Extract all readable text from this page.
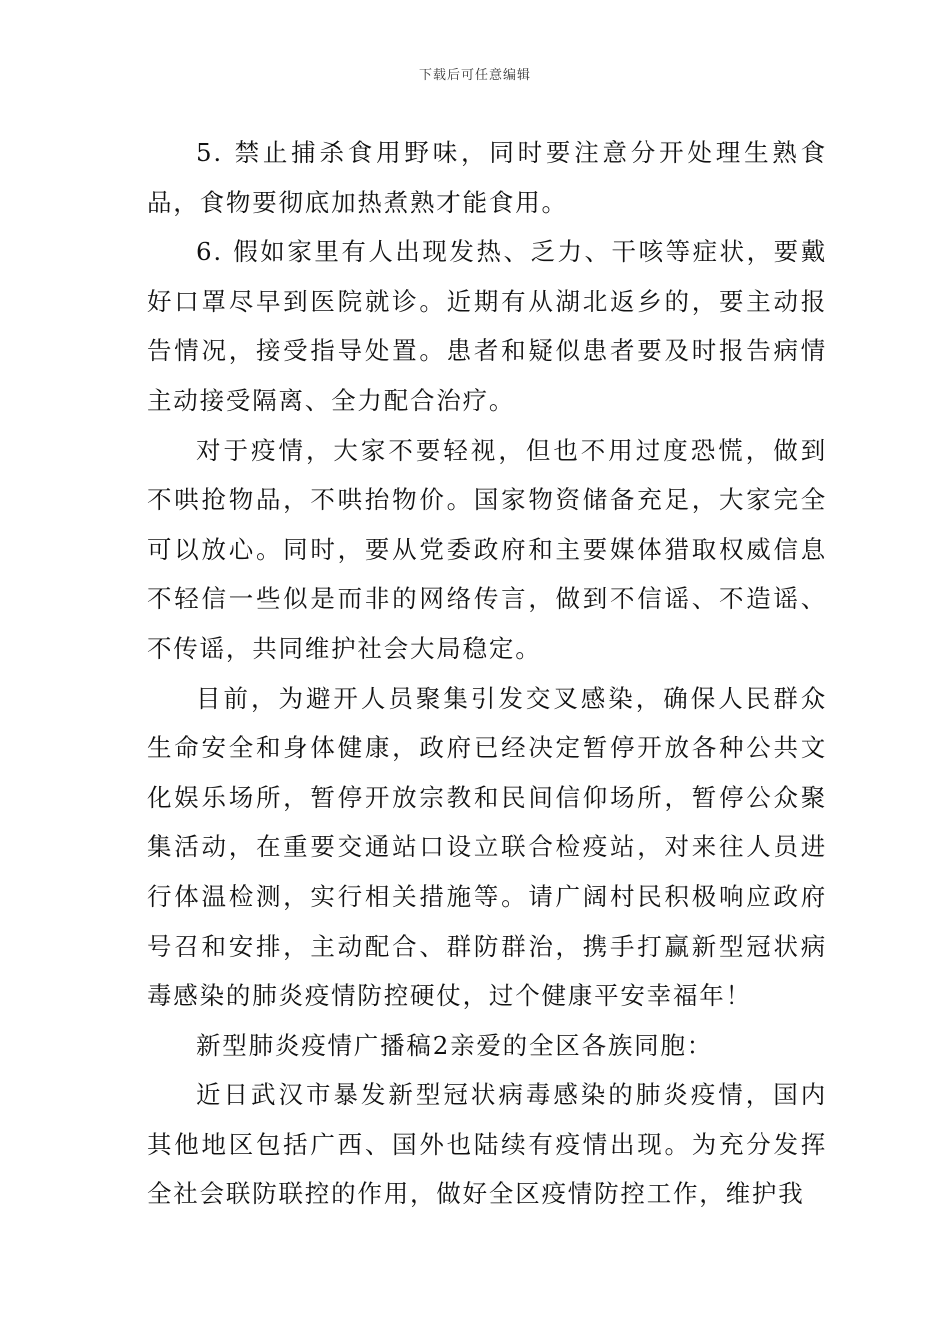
下载后可任意编辑

5. 禁止捕杀食用野味，同时要注意分开处理生熟食品，食物要彻底加热煮熟才能食用。

6. 假如家里有人出现发热、乏力、干咳等症状，要戴好口罩尽早到医院就诊。近期有从湖北返乡的，要主动报告情况，接受指导处置。患者和疑似患者要及时报告病情主动接受隔离、全力配合治疗。

对于疫情，大家不要轻视，但也不用过度恐慌，做到不哄抢物品，不哄抬物价。国家物资储备充足，大家完全可以放心。同时，要从党委政府和主要媒体猎取权威信息不轻信一些似是而非的网络传言，做到不信谣、不造谣、不传谣，共同维护社会大局稳定。

目前，为避开人员聚集引发交叉感染，确保人民群众生命安全和身体健康，政府已经决定暂停开放各种公共文化娱乐场所，暂停开放宗教和民间信仰场所，暂停公众聚集活动，在重要交通站口设立联合检疫站，对来往人员进行体温检测，实行相关措施等。请广阔村民积极响应政府号召和安排，主动配合、群防群治，携手打赢新型冠状病毒感染的肺炎疫情防控硬仗，过个健康平安幸福年！

新型肺炎疫情广播稿2亲爱的全区各族同胞：

近日武汉市暴发新型冠状病毒感染的肺炎疫情，国内其他地区包括广西、国外也陆续有疫情出现。为充分发挥全社会联防联控的作用，做好全区疫情防控工作，维护我
